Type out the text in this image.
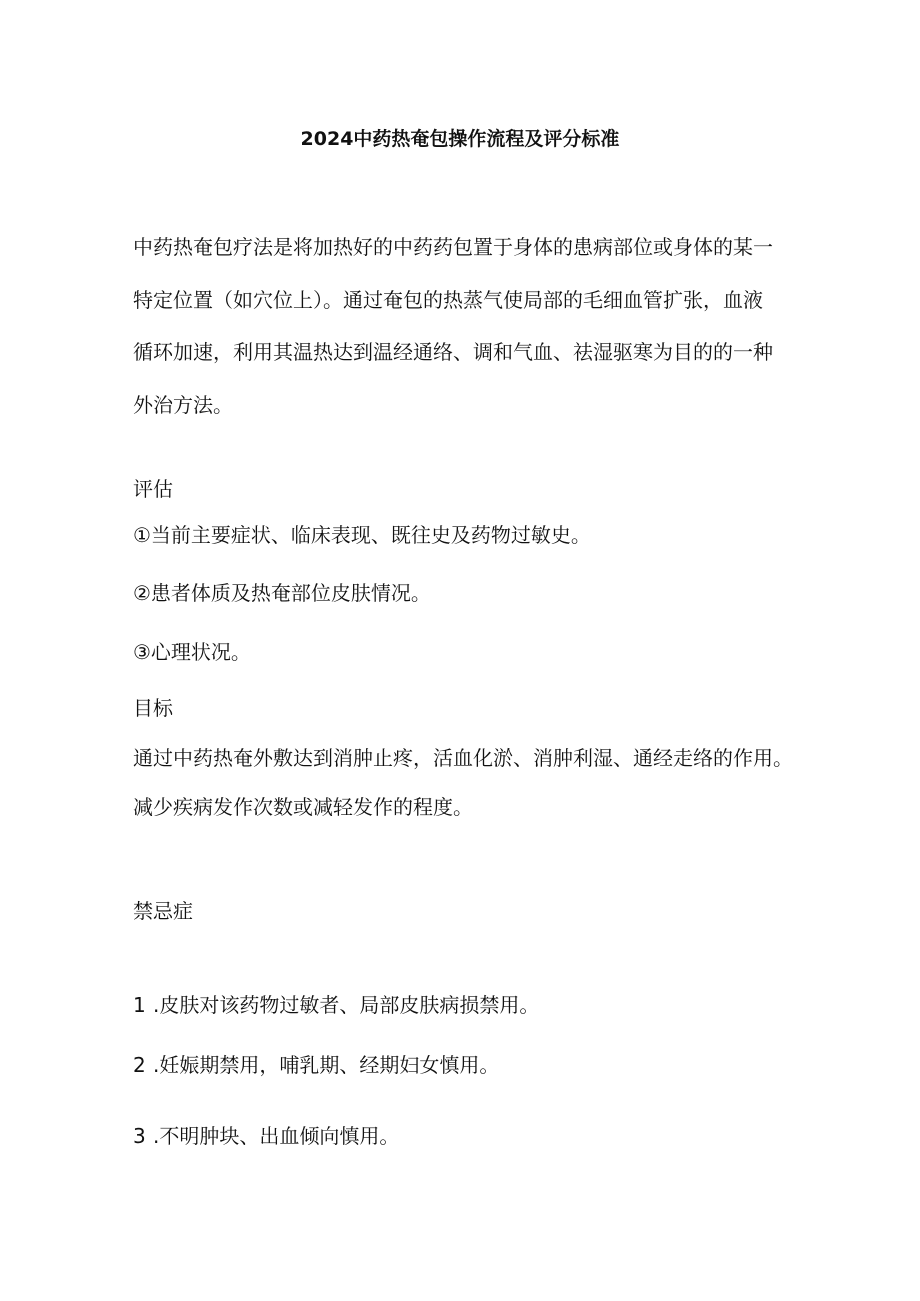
2024中药热奄包操作流程及评分标准
中药热奄包疗法是将加热好的中药药包置于身体的患病部位或身体的某一
特定位置（如穴位上）。通过奄包的热蒸气使局部的毛细血管扩张，血液
循环加速，利用其温热达到温经通络、调和气血、祛湿驱寒为目的的一种
外治方法。
评估
①当前主要症状、临床表现、既往史及药物过敏史。
②患者体质及热奄部位皮肤情况。
③心理状况。
目标
通过中药热奄外敷达到消肿止疼，活血化淤、消肿利湿、通经走络的作用。
减少疾病发作次数或减轻发作的程度。
禁忌症
1 .皮肤对该药物过敏者、局部皮肤病损禁用。
2 .妊娠期禁用，哺乳期、经期妇女慎用。
3 .不明肿块、出血倾向慎用。
